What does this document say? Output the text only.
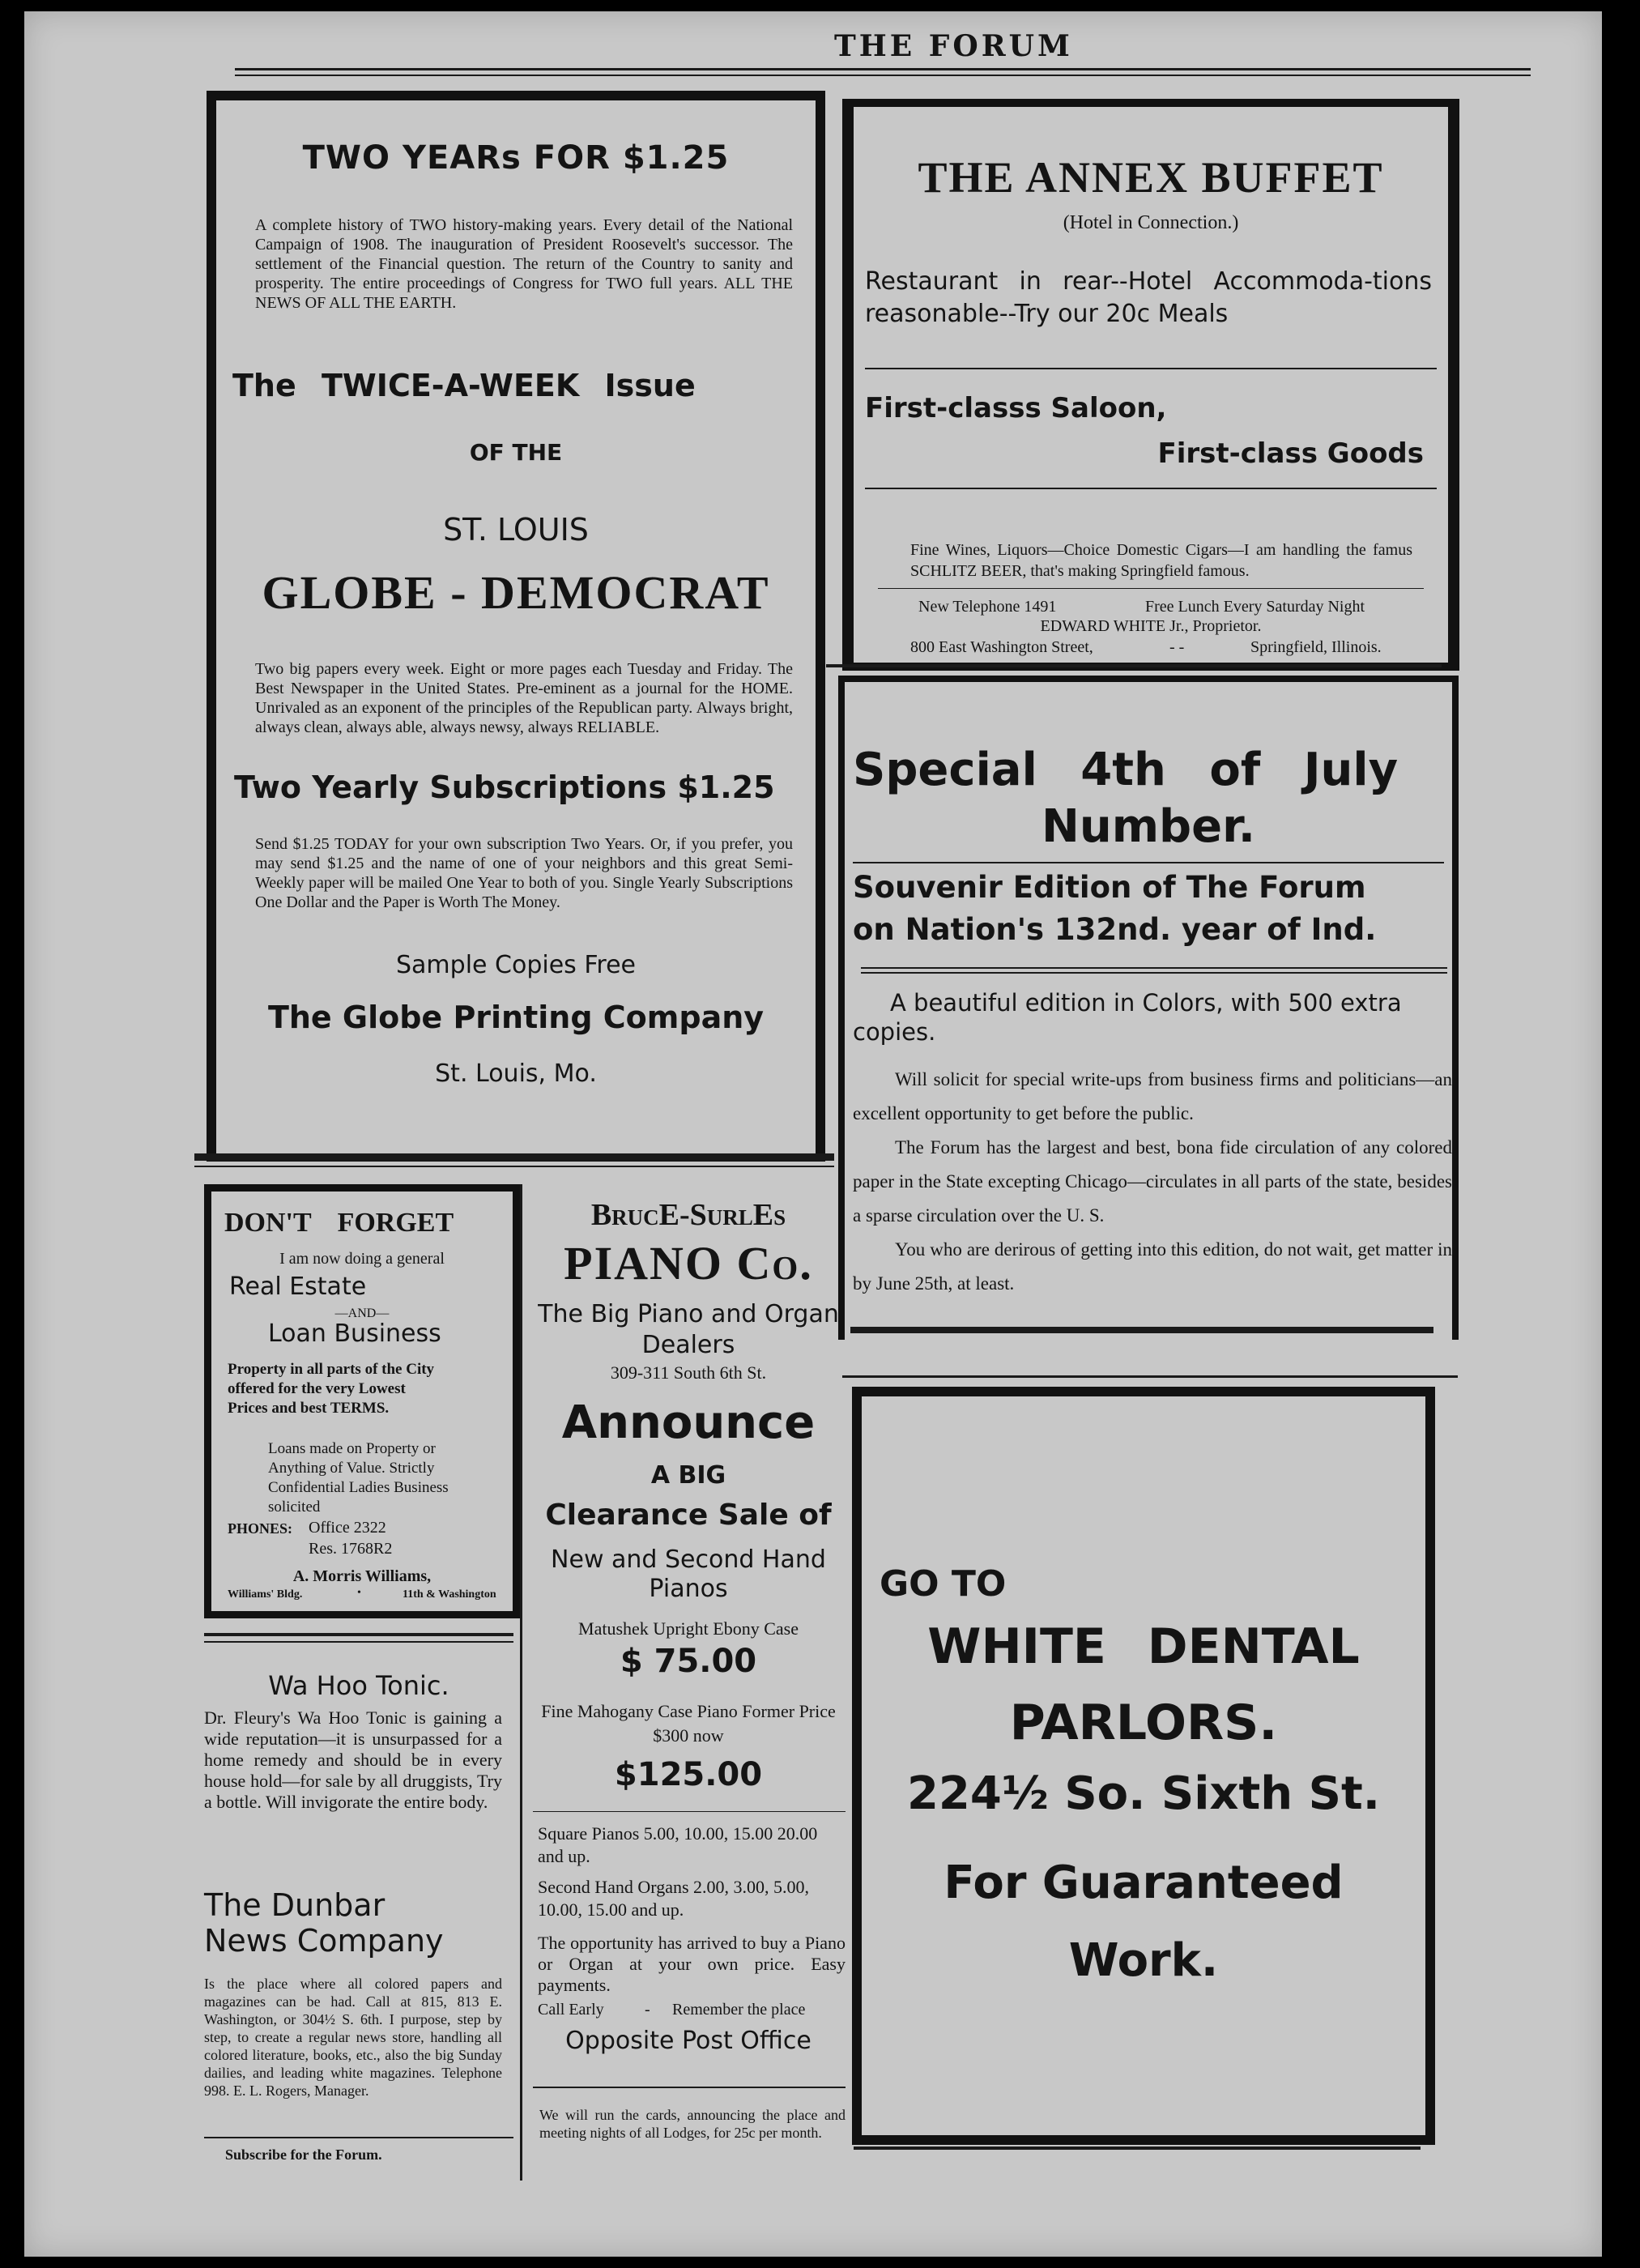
THE FORUM
TWO YEARs FOR $1.25
A complete history of TWO history-making years. Every detail of the National Campaign of 1908. The inauguration of President Roosevelt's successor. The settlement of the Financial question. The return of the Country to sanity and prosperity. The entire proceedings of Congress for TWO full years. ALL THE NEWS OF ALL THE EARTH.
The TWICE-A-WEEK Issue
OF THE
ST. LOUIS
GLOBE - DEMOCRAT
Two big papers every week. Eight or more pages each Tuesday and Friday. The Best Newspaper in the United States. Pre-eminent as a journal for the HOME. Unrivaled as an exponent of the principles of the Republican party. Always bright, always clean, always able, always newsy, always RELIABLE.
Two Yearly Subscriptions $1.25
Send $1.25 TODAY for your own subscription Two Years. Or, if you prefer, you may send $1.25 and the name of one of your neighbors and this great Semi-Weekly paper will be mailed One Year to both of you. Single Yearly Subscriptions One Dollar and the Paper is Worth The Money.
Sample Copies Free
The Globe Printing Company
St. Louis, Mo.
THE ANNEX BUFFET
(Hotel in Connection.)
Restaurant in rear--Hotel Accommoda-tions reasonable--Try our 20c Meals
First-classs Saloon,
First-class Goods
Fine Wines, Liquors—Choice Domestic Cigars—I am handling the famus SCHLITZ BEER, that's making Springfield famous.
New Telephone 1491	Free Lunch Every Saturday Night
EDWARD WHITE Jr., Proprietor.
800 East Washington Street,	- -	Springfield, Illinois.
Special 4th of July
Number.
Souvenir Edition of The Forum
on Nation's 132nd. year of Ind.
A beautiful edition in Colors, with 500 extra copies.
Will solicit for special write-ups from business firms and politicians—an excellent opportunity to get before the public.
The Forum has the largest and best, bona fide circulation of any colored paper in the State excepting Chicago—circulates in all parts of the state, besides a sparse circulation over the U. S.
You who are derirous of getting into this edition, do not wait, get matter in by June 25th, at least.
DON'T FORGET
I am now doing a general
Real Estate
—AND—
Loan Business
Property in all parts of the City offered for the very Lowest Prices and best TERMS.
Loans made on Property or Anything of Value. Strictly Confidential Ladies Business solicited
PHONES: Office 2322
Res. 1768R2
A. Morris Williams,
Williams' Bldg.	•	11th & Washington
Wa Hoo Tonic.
Dr. Fleury's Wa Hoo Tonic is gaining a wide reputation—it is unsurpassed for a home remedy and should be in every house hold—for sale by all druggists, Try a bottle. Will invigorate the entire body.
The Dunbar
News Company
Is the place where all colored papers and magazines can be had. Call at 815, 813 E. Washington, or 304½ S. 6th. I purpose, step by step, to create a regular news store, handling all colored literature, books, etc., also the big Sunday dailies, and leading white magazines. Telephone 998. E. L. Rogers, Manager.
Subscribe for the Forum.
BrucE-SurlEs
PIANO Co.
The Big Piano and Organ Dealers
309-311 South 6th St.
Announce
A BIG
Clearance Sale of
New and Second Hand Pianos
Matushek Upright Ebony Case
$ 75.00
Fine Mahogany Case Piano Former Price $300 now
$125.00
Square Pianos 5.00, 10.00, 15.00 20.00 and up.
Second Hand Organs 2.00, 3.00, 5.00, 10.00, 15.00 and up.
The opportunity has arrived to buy a Piano or Organ at your own price. Easy payments.
Call Early	- Remember the place
Opposite Post Office
We will run the cards, announcing the place and meeting nights of all Lodges, for 25c per month.
GO TO
WHITE DENTAL
PARLORS.
224½ So. Sixth St.
For Guaranteed
Work.
